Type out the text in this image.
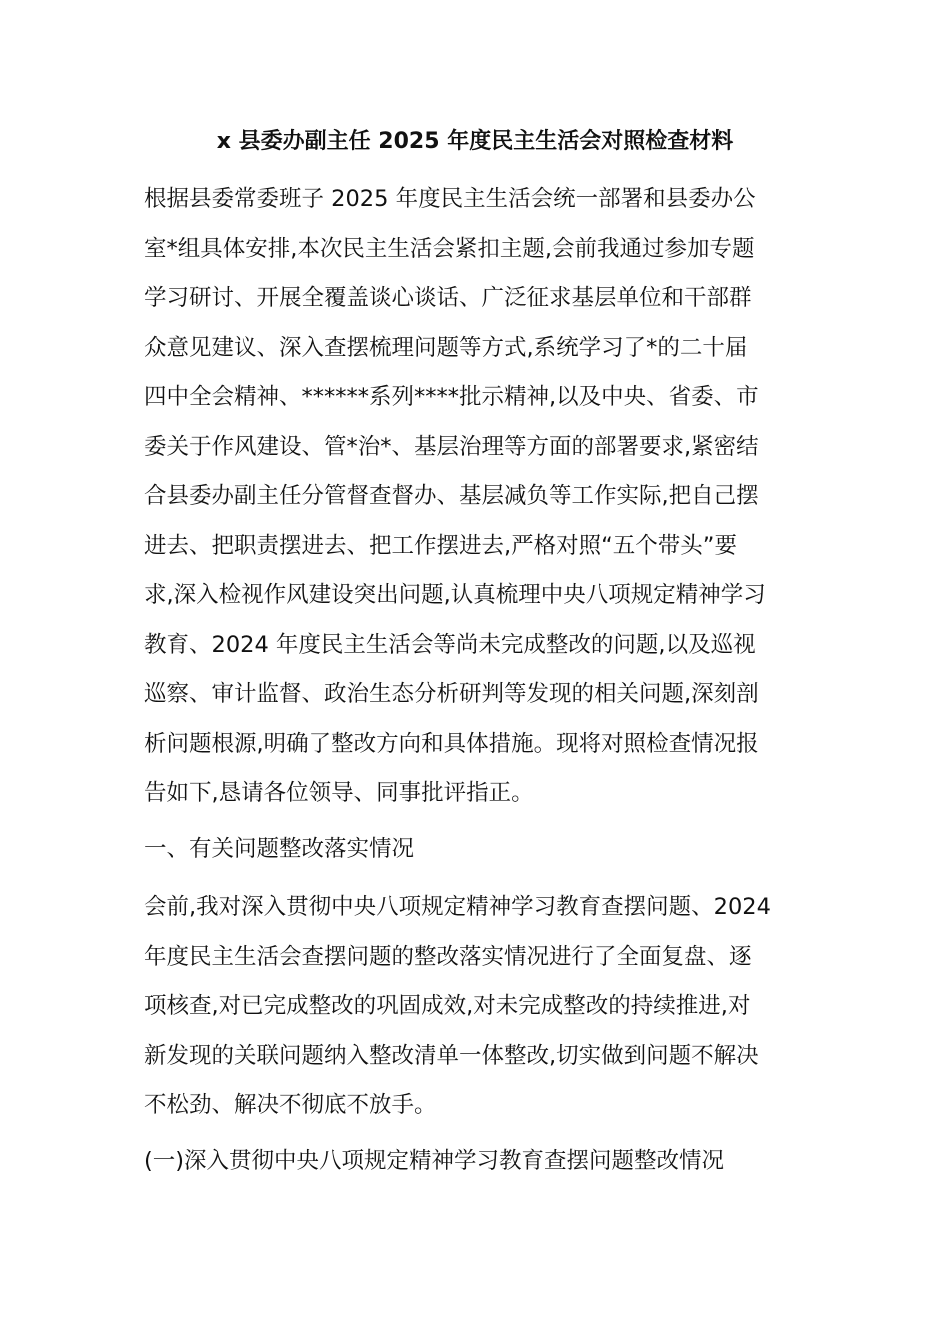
x 县委办副主任 2025 年度民主生活会对照检查材料
根据县委常委班子 2025 年度民主生活会统一部署和县委办公
室*组具体安排,本次民主生活会紧扣主题,会前我通过参加专题
学习研讨、开展全覆盖谈心谈话、广泛征求基层单位和干部群
众意见建议、深入查摆梳理问题等方式,系统学习了*的二十届
四中全会精神、******系列****批示精神,以及中央、省委、市
委关于作风建设、管*治*、基层治理等方面的部署要求,紧密结
合县委办副主任分管督查督办、基层减负等工作实际,把自己摆
进去、把职责摆进去、把工作摆进去,严格对照“五个带头”要
求,深入检视作风建设突出问题,认真梳理中央八项规定精神学习
教育、2024 年度民主生活会等尚未完成整改的问题,以及巡视
巡察、审计监督、政治生态分析研判等发现的相关问题,深刻剖
析问题根源,明确了整改方向和具体措施。现将对照检查情况报
告如下,恳请各位领导、同事批评指正。
一、有关问题整改落实情况
会前,我对深入贯彻中央八项规定精神学习教育查摆问题、2024
年度民主生活会查摆问题的整改落实情况进行了全面复盘、逐
项核查,对已完成整改的巩固成效,对未完成整改的持续推进,对
新发现的关联问题纳入整改清单一体整改,切实做到问题不解决
不松劲、解决不彻底不放手。
(一)深入贯彻中央八项规定精神学习教育查摆问题整改情况
